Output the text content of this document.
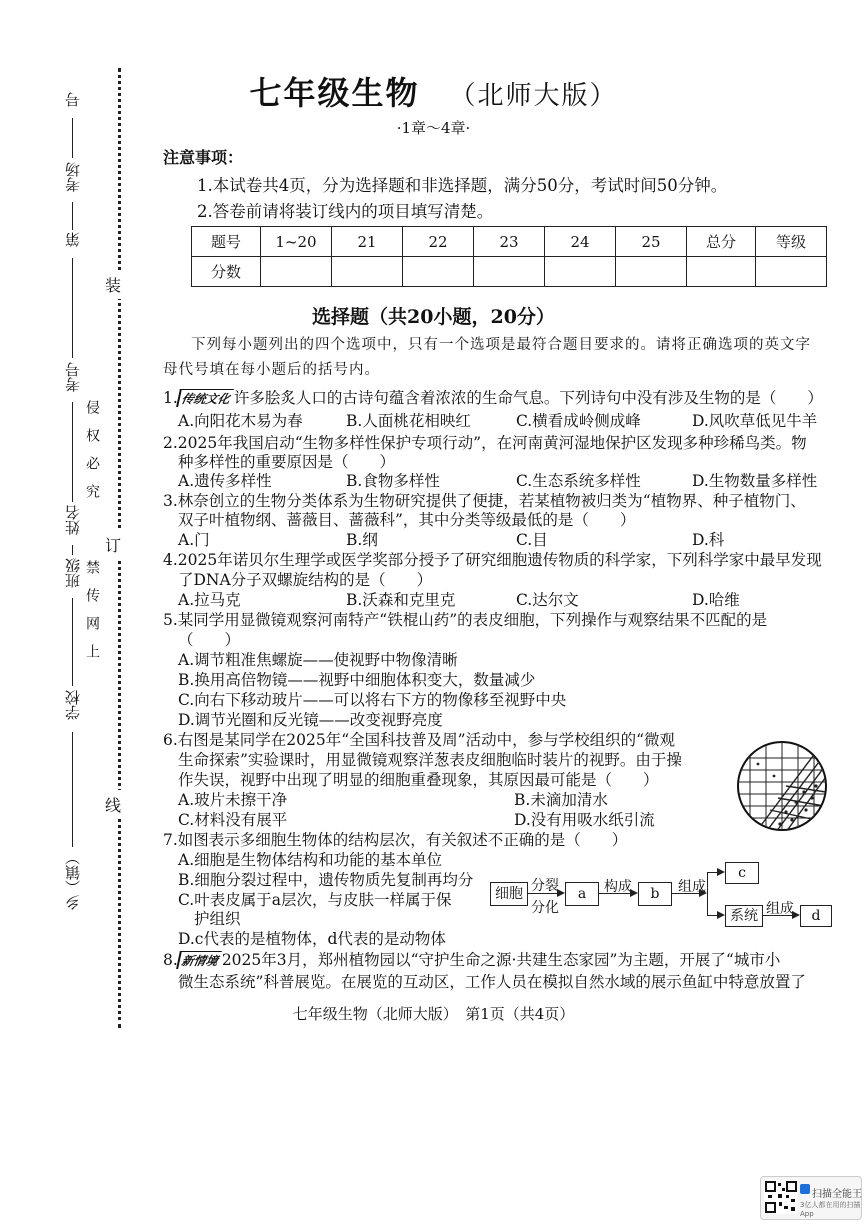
号
考场
第
考号
姓名
班级
学校
乡（镇）
侵权必究
禁传网上
装
订
线
七年级生物 （北师大版）
·1章～4章·
注意事项：
1.本试卷共4页，分为选择题和非选择题，满分50分，考试时间50分钟。
2.答卷前请将装订线内的项目填写清楚。
题号	1~20	21	22	23	24	25	总分	等级
分数								
选择题（共20小题，20分）
下列每小题列出的四个选项中，只有一个选项是最符合题目要求的。请将正确选项的英文字
母代号填在每小题后的括号内。
1. 传统文化 许多脍炙人口的古诗句蕴含着浓浓的生命气息。下列诗句中没有涉及生物的是（　　）
A.向阳花木易为春	B.人面桃花相映红	C.横看成岭侧成峰	D.风吹草低见牛羊
2.2025年我国启动“生物多样性保护专项行动”，在河南黄河湿地保护区发现多种珍稀鸟类。物
种多样性的重要原因是（　　）
A.遗传多样性	B.食物多样性	C.生态系统多样性	D.生物数量多样性
3.林奈创立的生物分类体系为生物研究提供了便捷，若某植物被归类为“植物界、种子植物门、
双子叶植物纲、蔷薇目、蔷薇科”，其中分类等级最低的是（　　）
A.门	B.纲	C.目	D.科
4.2025年诺贝尔生理学或医学奖部分授予了研究细胞遗传物质的科学家，下列科学家中最早发现
了DNA分子双螺旋结构的是（　　）
A.拉马克	B.沃森和克里克	C.达尔文	D.哈维
5.某同学用显微镜观察河南特产“铁棍山药”的表皮细胞，下列操作与观察结果不匹配的是
（　　）
A.调节粗准焦螺旋——使视野中物像清晰
B.换用高倍物镜——视野中细胞体积变大，数量减少
C.向右下移动玻片——可以将右下方的物像移至视野中央
D.调节光圈和反光镜——改变视野亮度
6.右图是某同学在2025年“全国科技普及周”活动中，参与学校组织的“微观
生命探索”实验课时，用显微镜观察洋葱表皮细胞临时装片的视野。由于操
作失误，视野中出现了明显的细胞重叠现象，其原因最可能是（　　）
A.玻片未擦干净	B.未滴加清水
C.材料没有展平	D.没有用吸水纸引流
7.如图表示多细胞生物体的结构层次，有关叙述不正确的是（　　）
A.细胞是生物体结构和功能的基本单位
B.细胞分裂过程中，遗传物质先复制再均分
C.叶表皮属于a层次，与皮肤一样属于保
护组织
D.c代表的是植物体，d代表的是动物体
细胞 分裂
分化
a	构成	b	组成
c
系统 组成	d
8. 新情境 2025年3月，郑州植物园以“守护生命之源·共建生态家园”为主题，开展了“城市小
微生态系统”科普展览。在展览的互动区，工作人员在模拟自然水域的展示鱼缸中特意放置了
七年级生物（北师大版）　第1页（共4页）
扫描全能王
3亿人都在用的扫描App
